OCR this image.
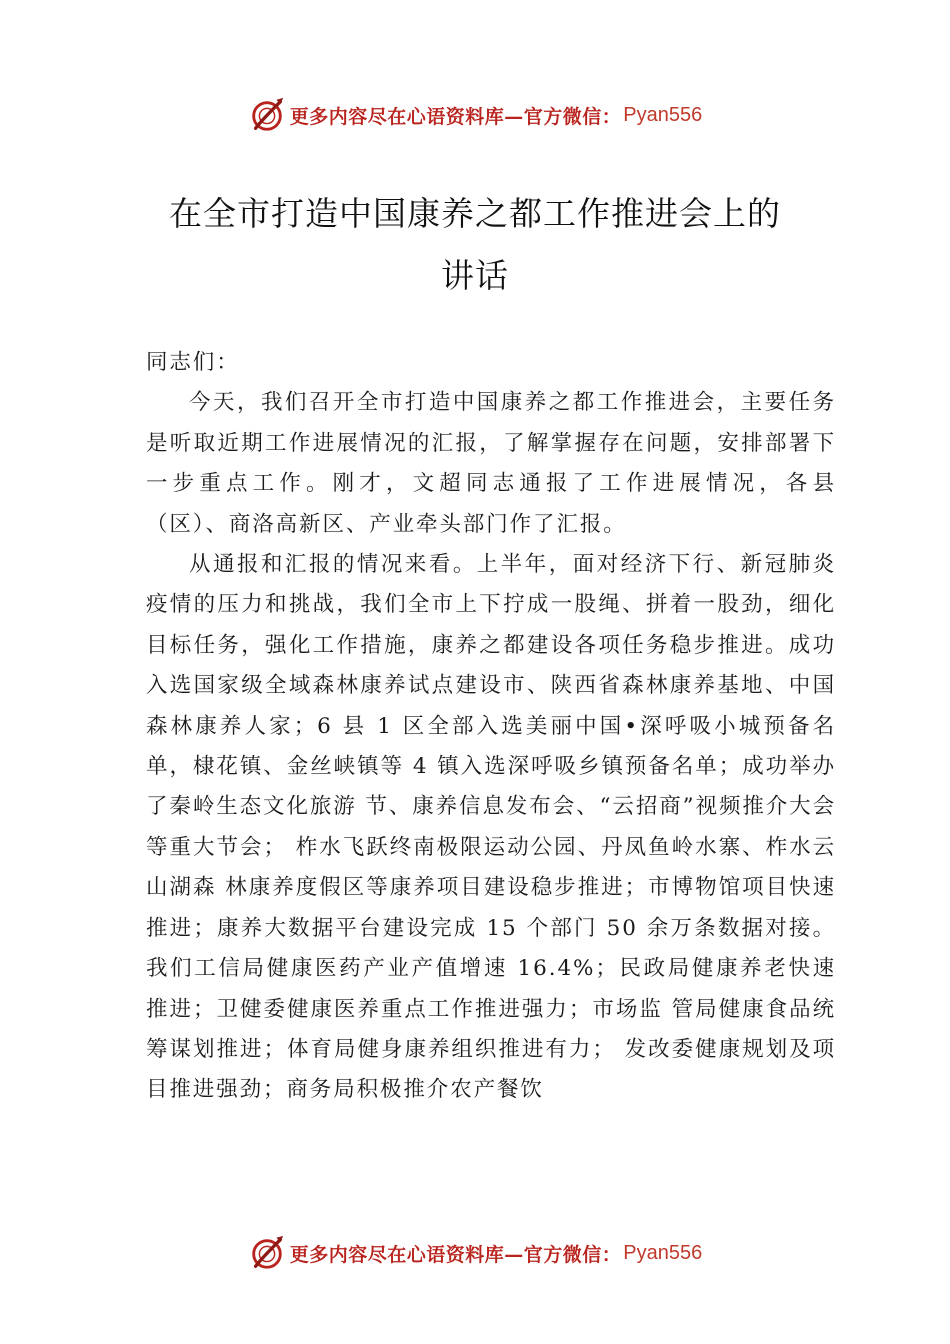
更多内容尽在心语资料库—官方微信： Pyan556
在全市打造中国康养之都工作推进会上的
讲话

同志们：

今天，我们召开全市打造中国康养之都工作推进会，主要任务是听取近期工作进展情况的汇报，了解掌握存在问题，安排部署下一步重点工作。刚才，文超同志通报了工作进展情况，各县（区）、商洛高新区、产业牵头部门作了汇报。

从通报和汇报的情况来看。上半年，面对经济下行、新冠肺炎疫情的压力和挑战，我们全市上下拧成一股绳、拼着一股劲，细化目标任务，强化工作措施，康养之都建设各项任务稳步推进。成功入选国家级全域森林康养试点建设市、陕西省森林康养基地、中国森林康养人家；6 县 1 区全部入选美丽中国•深呼吸小城预备名单，棣花镇、金丝峡镇等 4 镇入选深呼吸乡镇预备名单；成功举办了秦岭生态文化旅游 节、康养信息发布会、“云招商”视频推介大会等重大节会； 柞水飞跃终南极限运动公园、丹凤鱼岭水寨、柞水云山湖森 林康养度假区等康养项目建设稳步推进；市博物馆项目快速 推进；康养大数据平台建设完成 15 个部门 50 余万条数据对接。我们工信局健康医药产业产值增速 16.4%；民政局健康养老快速推进；卫健委健康医养重点工作推进强力；市场监 管局健康食品统筹谋划推进；体育局健身康养组织推进有力； 发改委健康规划及项目推进强劲；商务局积极推介农产餐饮

更多内容尽在心语资料库—官方微信： Pyan556
